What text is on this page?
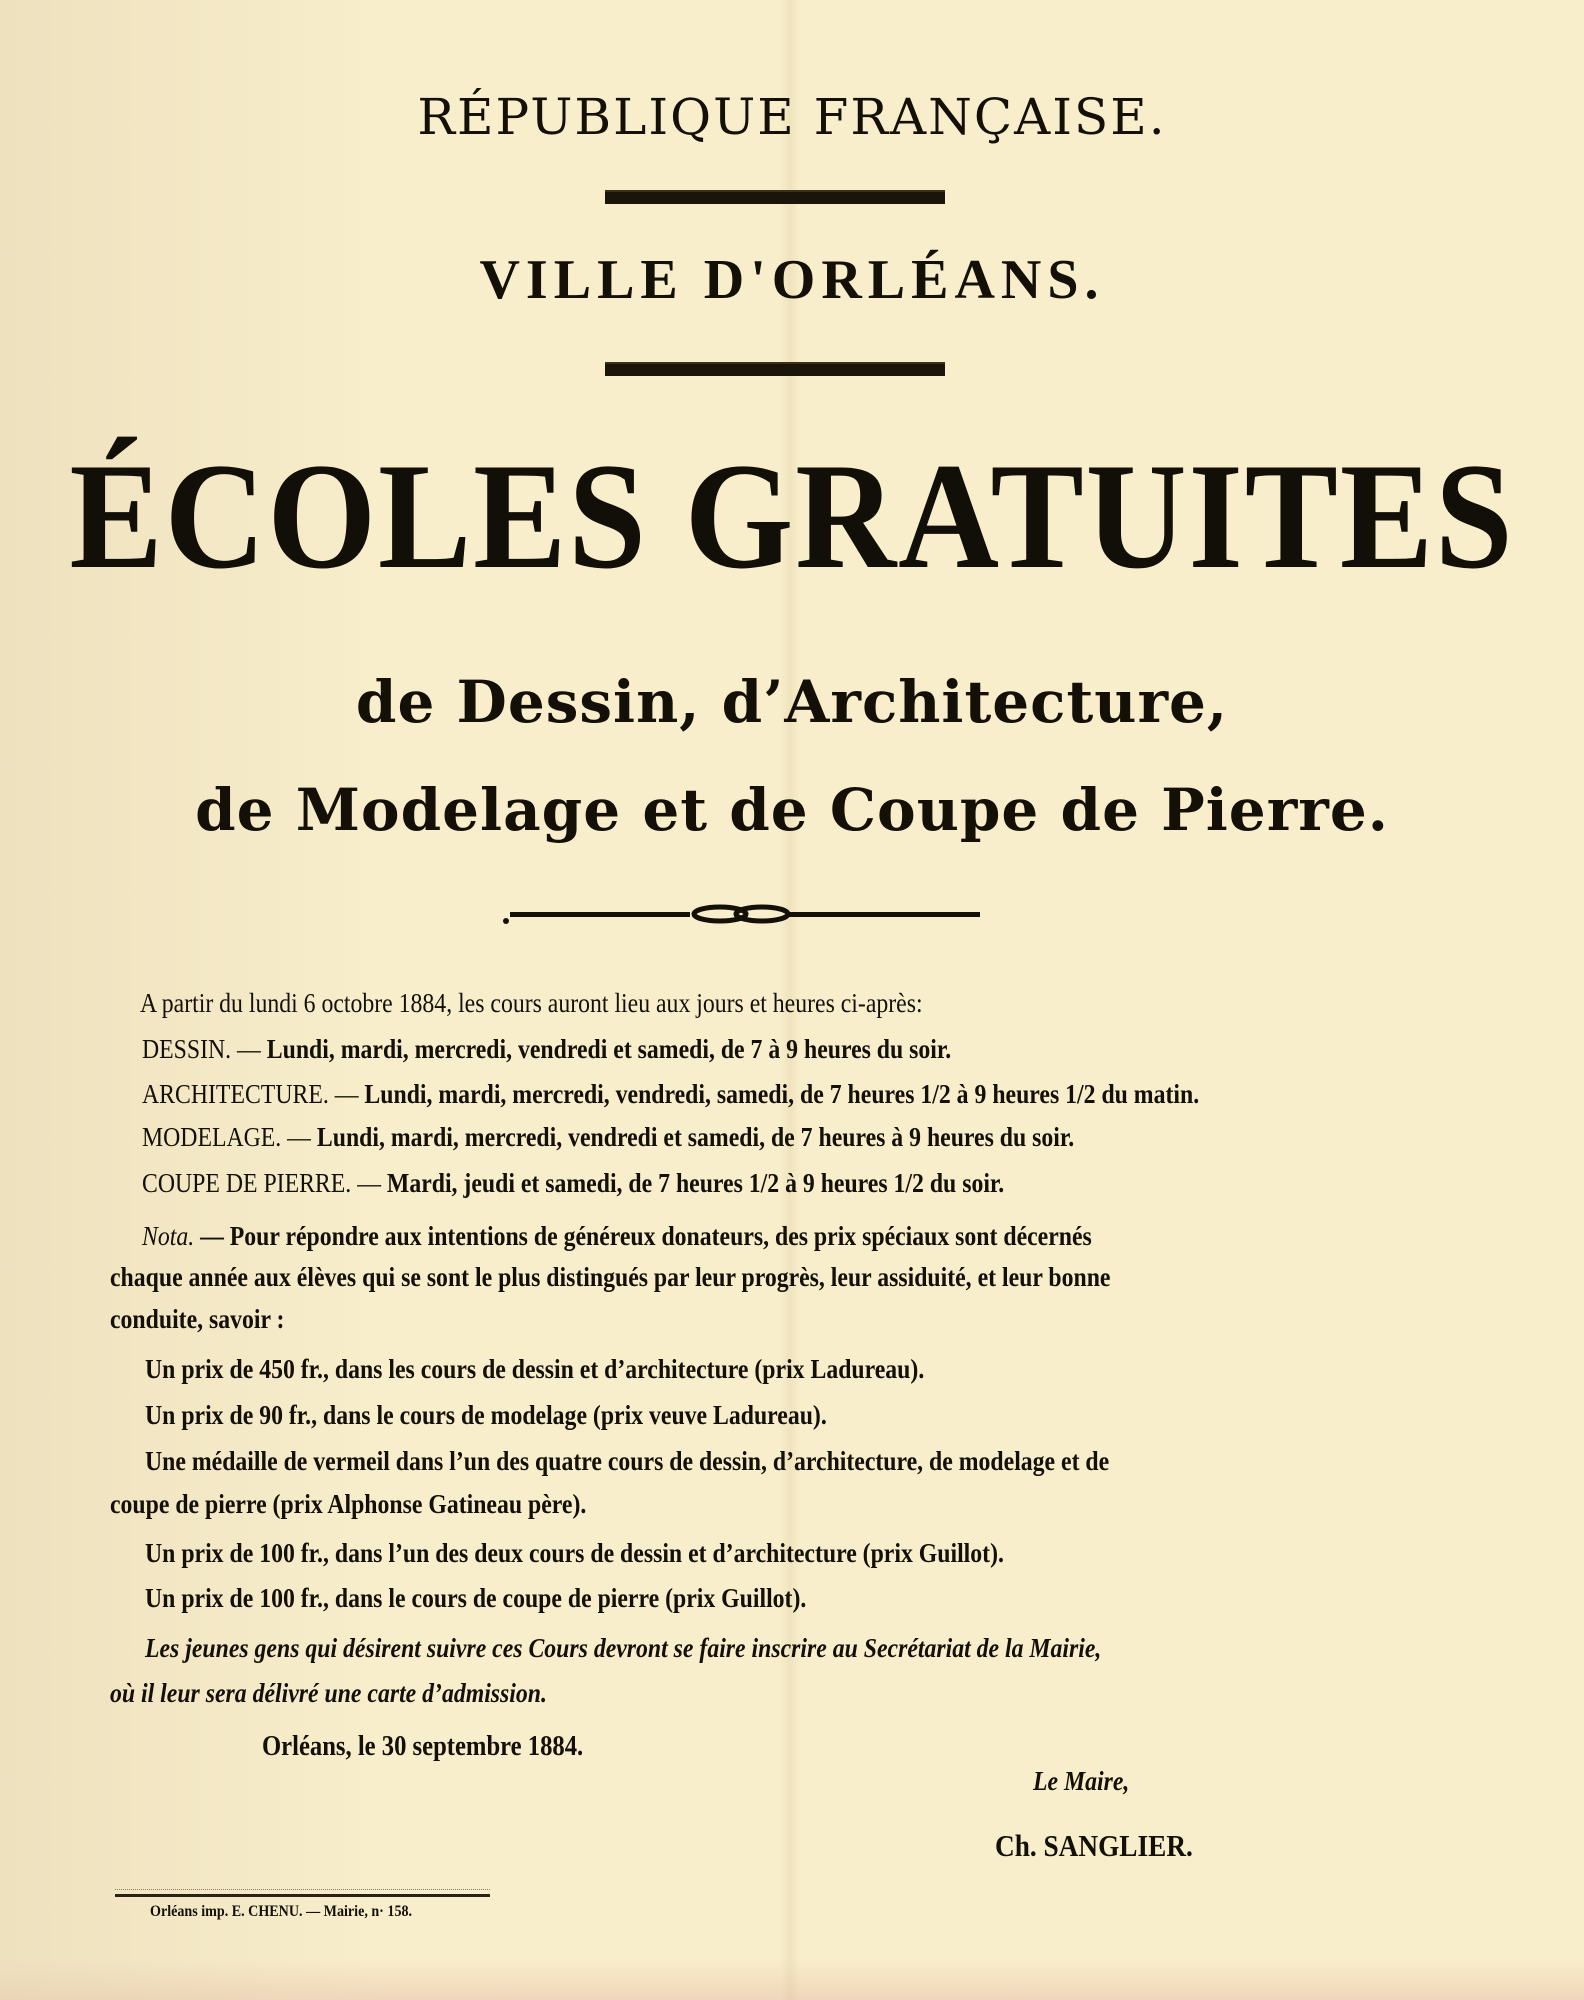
RÉPUBLIQUE FRANÇAISE.
VILLE D'ORLÉANS.
ÉCOLES GRATUITES
de Dessin, d’Architecture,
de Modelage et de Coupe de Pierre.
A partir du lundi 6 octobre 1884, les cours auront lieu aux jours et heures ci-après:
DESSIN. — Lundi, mardi, mercredi, vendredi et samedi, de 7 à 9 heures du soir.
ARCHITECTURE. — Lundi, mardi, mercredi, vendredi, samedi, de 7 heures 1/2 à 9 heures 1/2 du matin.
MODELAGE. — Lundi, mardi, mercredi, vendredi et samedi, de 7 heures à 9 heures du soir.
COUPE DE PIERRE. — Mardi, jeudi et samedi, de 7 heures 1/2 à 9 heures 1/2 du soir.
Nota. — Pour répondre aux intentions de généreux donateurs, des prix spéciaux sont décernés
chaque année aux élèves qui se sont le plus distingués par leur progrès, leur assiduité, et leur bonne
conduite, savoir :
Un prix de 450 fr., dans les cours de dessin et d’architecture (prix Ladureau).
Un prix de 90 fr., dans le cours de modelage (prix veuve Ladureau).
Une médaille de vermeil dans l’un des quatre cours de dessin, d’architecture, de modelage et de
coupe de pierre (prix Alphonse Gatineau père).
Un prix de 100 fr., dans l’un des deux cours de dessin et d’architecture (prix Guillot).
Un prix de 100 fr., dans le cours de coupe de pierre (prix Guillot).
Les jeunes gens qui désirent suivre ces Cours devront se faire inscrire au Secrétariat de la Mairie,
où il leur sera délivré une carte d’admission.
Orléans, le 30 septembre 1884.
Le Maire,
Ch. SANGLIER.
Orléans imp. E. CHENU. — Mairie, n· 158.
